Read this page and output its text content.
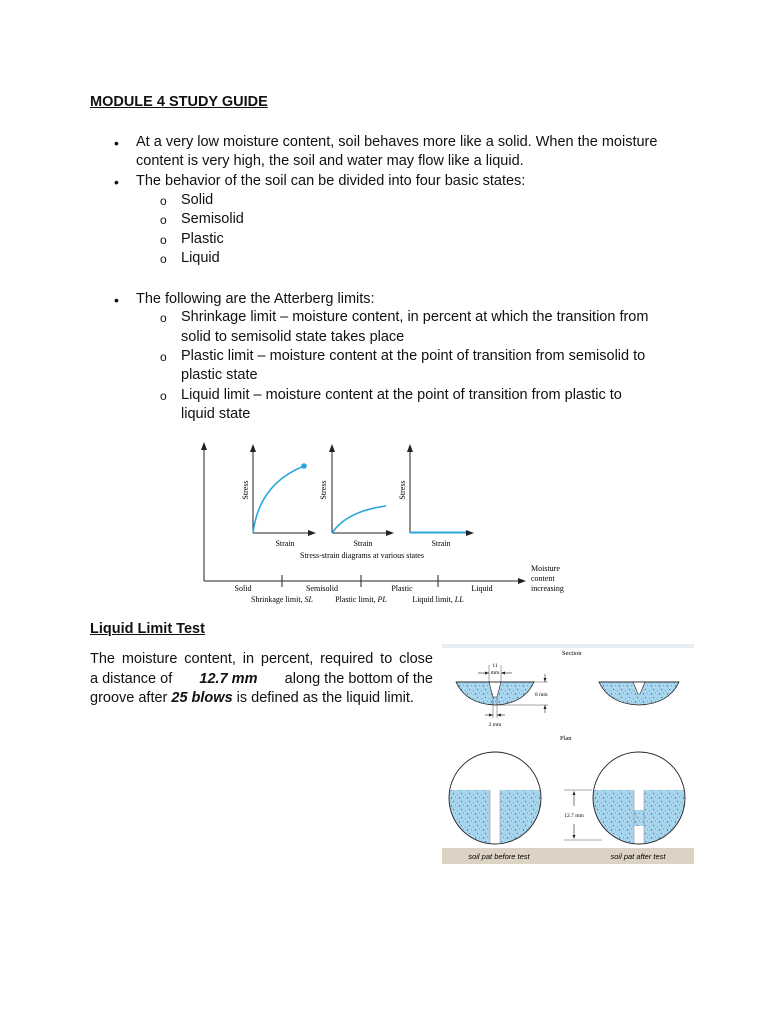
MODULE 4 STUDY GUIDE
• At a very low moisture content, soil behaves more like a solid. When the moisture
content is very high, the soil and water may flow like a liquid.
• The behavior of the soil can be divided into four basic states:
o Solid
o Semisolid
o Plastic
o Liquid
• The following are the Atterberg limits:
o Shrinkage limit – moisture content, in percent at which the transition from
solid to semisolid state takes place
o Plastic limit – moisture content at the point of transition from semisolid to
plastic state
o Liquid limit – moisture content at the point of transition from plastic to
liquid state
Stress	Stress	Stress
Strain	Strain	Strain
Stress-strain diagrams at various states
Moisture
content
increasing
Solid	Semisolid	Plastic	Liquid
Shrinkage limit, SL	Plastic limit, PL	Liquid limit, LL
Liquid Limit Test
The moisture content, in percent, required to close
a distance of 12.7 mm along the bottom of the
groove after 25 blows is defined as the liquid limit.
Section
11
mm
8 mm
2 mm
Plan
12.7 mm
soil pat before test	soil pat after test
